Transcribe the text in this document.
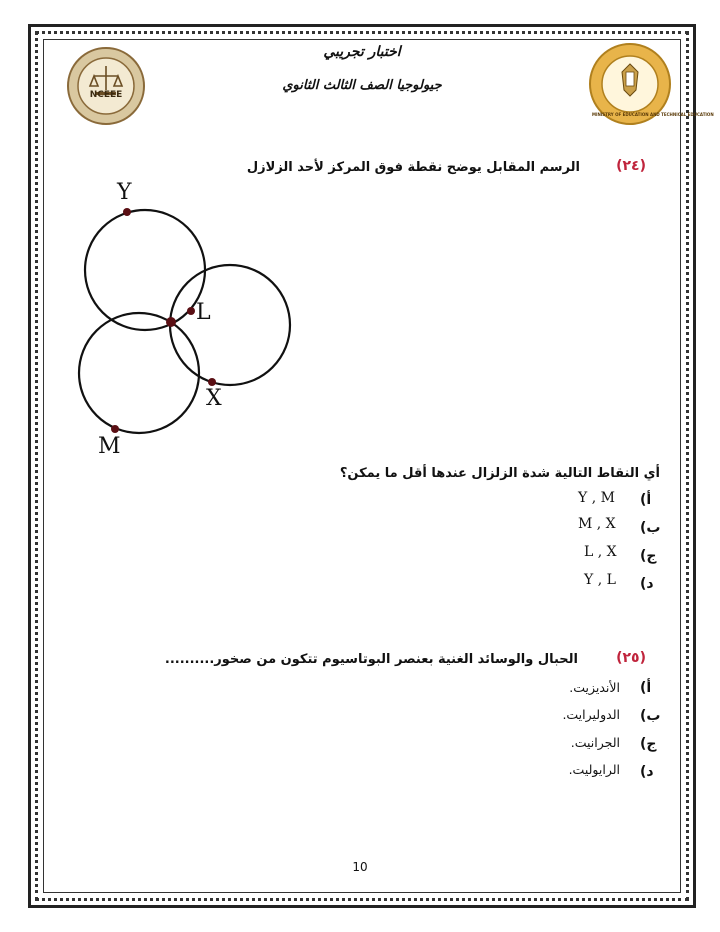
NCEEE
MINISTRY OF EDUCATION AND TECHNICAL EDUCATION
اختبار تجريبي
جيولوجيا الصف الثالث الثانوي
(٢٤)
الرسم المقابل يوضح نقطة فوق المركز لأحد الزلازل
Y
L
X
M
أي النقاط التالية شدة الزلزال عندها أقل ما يمكن؟
أ)
Y , M
ب)
M , X
ج)
L , X
د)
Y , L
(٢٥)
الحبال والوسائد الغنية بعنصر البوتاسيوم تتكون من صخور..........
أ)
الأنديزيت.
ب)
الدوليرايت.
ج)
الجرانيت.
د)
الرايوليت.
10
